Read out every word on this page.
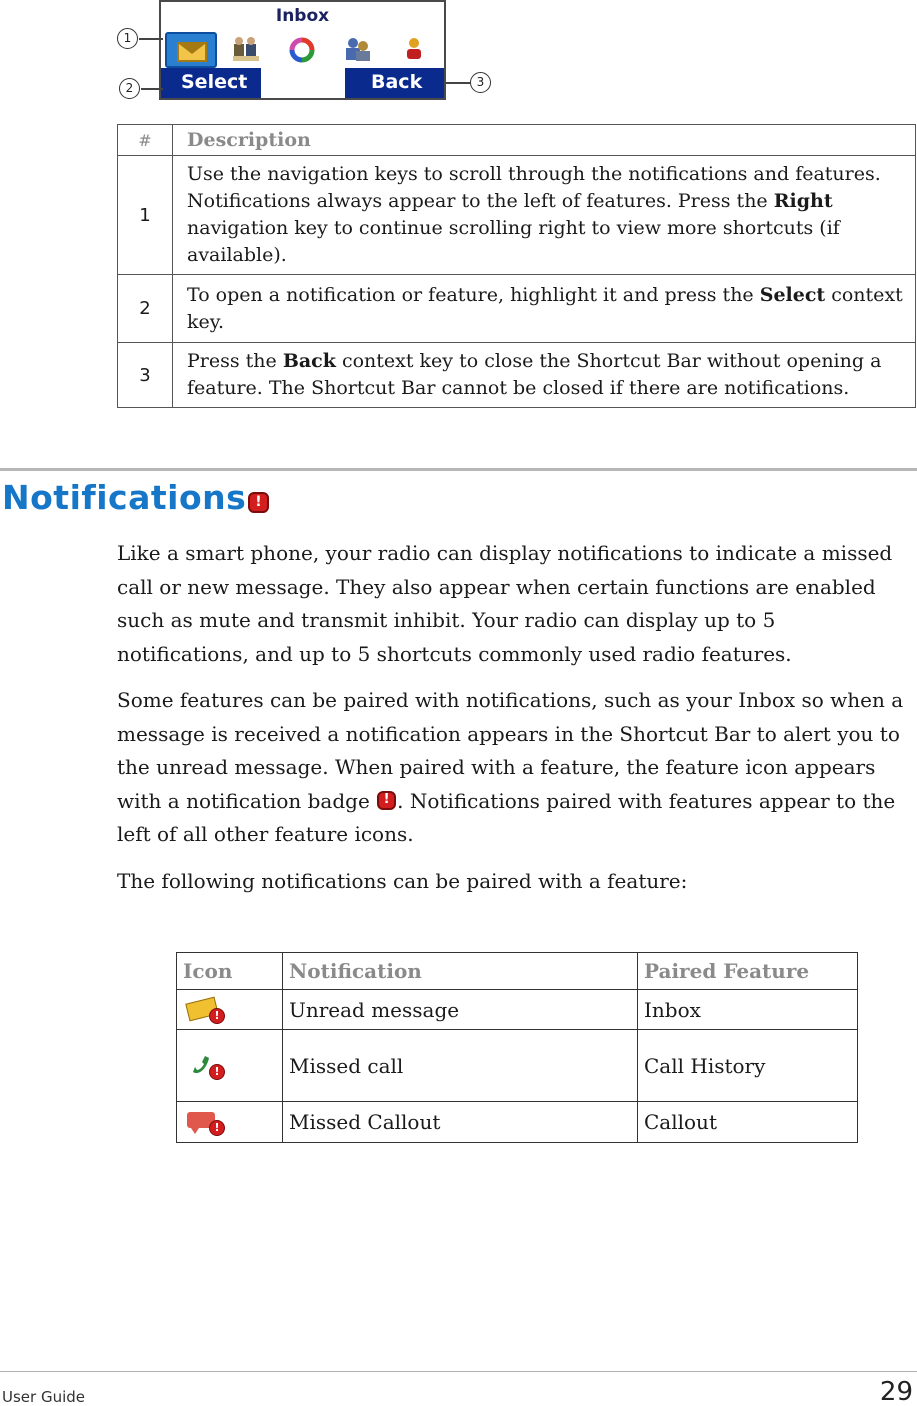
Inbox
Select	Back
1
2	3
#	Description
1	Use the navigation keys to scroll through the notifications and features. Notifications always appear to the left of features. Press the Right navigation key to continue scrolling right to view more shortcuts (if available).
2	To open a notification or feature, highlight it and press the Select context key.
3	Press the Back context key to close the Shortcut Bar without opening a feature. The Shortcut Bar cannot be closed if there are notifications.
Notifications !

Like a smart phone, your radio can display notifications to indicate a missed call or new message. They also appear when certain functions are enabled such as mute and transmit inhibit. Your radio can display up to 5 notifications, and up to 5 shortcuts commonly used radio features.

Some features can be paired with notifications, such as your Inbox so when a message is received a notification appears in the Shortcut Bar to alert you to the unread message. When paired with a feature, the feature icon appears with a notification badge ! . Notifications paired with features appear to the left of all other feature icons.

The following notifications can be paired with a feature:

Icon	Notification	Paired Feature

!	Unread message	Inbox

!	Missed call	Call History

!	Missed Callout	Callout
User Guide	29
